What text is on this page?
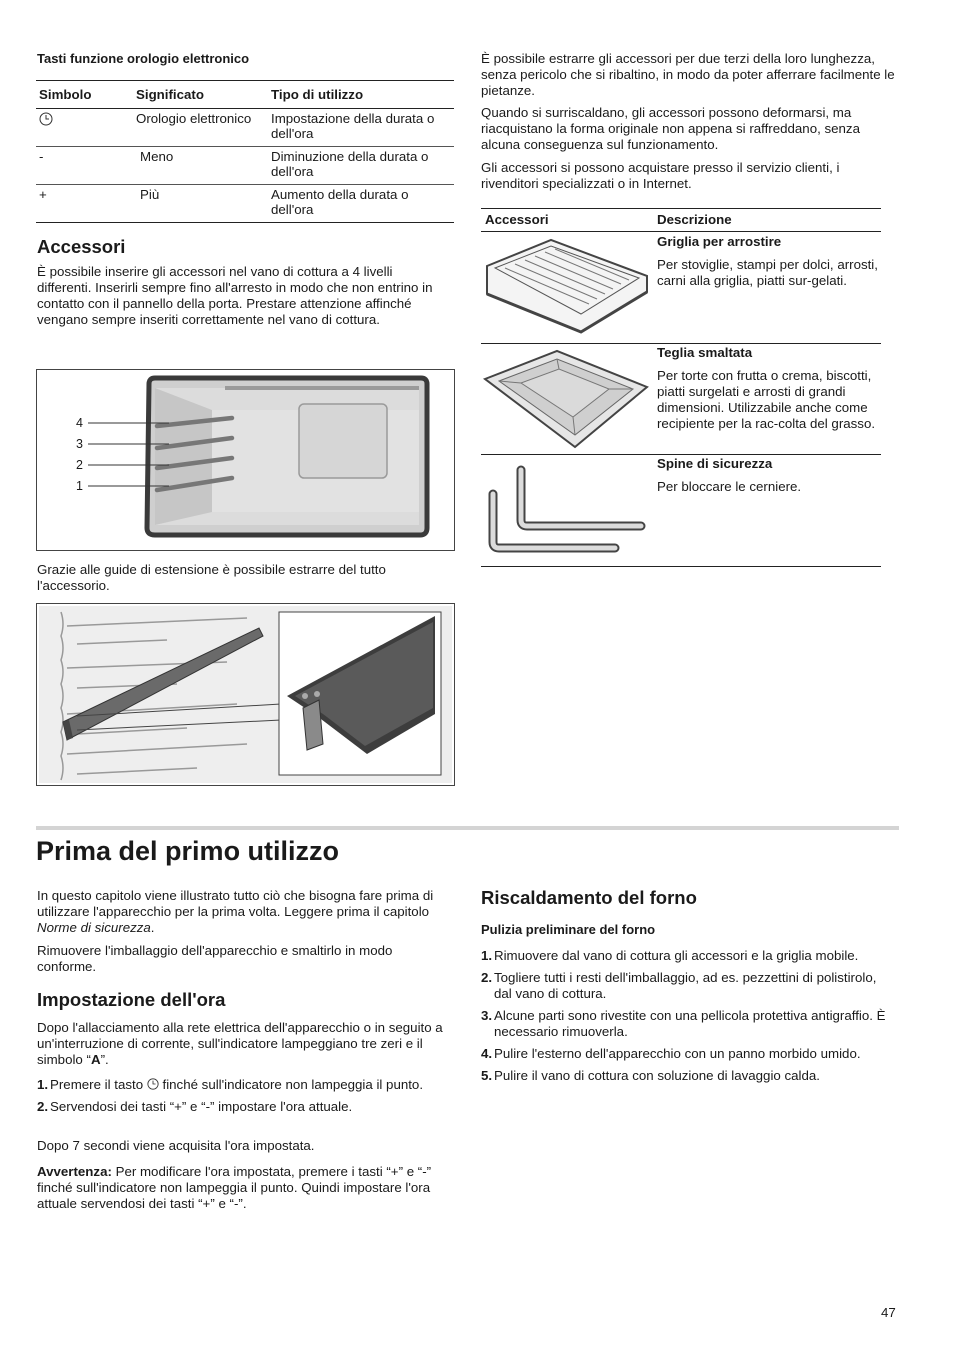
Tasti funzione orologio elettronico
Simbolo	Significato	Tipo di utilizzo
	Orologio elettronico	Impostazione della durata o dell'ora
-	Meno	Diminuzione della durata o dell'ora
+	Più	Aumento della durata o dell'ora
Accessori

È possibile inserire gli accessori nel vano di cottura a 4 livelli differenti. Inserirli sempre fino all'arresto in modo che non entrino in contatto con il pannello della porta. Prestare attenzione affinché vengano sempre inseriti correttamente nel vano di cottura.

4
3
2
1

Grazie alle guide di estensione è possibile estrarre del tutto l'accessorio.

È possibile estrarre gli accessori per due terzi della loro lunghezza, senza pericolo che si ribaltino, in modo da poter afferrare facilmente le pietanze.

Quando si surriscaldano, gli accessori possono deformarsi, ma riacquistano la forma originale non appena si raffreddano, senza alcuna conseguenza sul funzionamento.

Gli accessori si possono acquistare presso il servizio clienti, i rivenditori specializzati o in Internet.

Accessori	Descrizione
Griglia per arrostire
Per stoviglie, stampi per dolci, arrosti, carni alla griglia, piatti sur-gelati.
Teglia smaltata
Per torte con frutta o crema, biscotti, piatti surgelati e arrosti di grandi dimensioni. Utilizzabile anche come recipiente per la rac-colta del grasso.
Spine di sicurezza
Per bloccare le cerniere.
Prima del primo utilizzo

In questo capitolo viene illustrato tutto ciò che bisogna fare prima di utilizzare l'apparecchio per la prima volta. Leggere prima il capitolo Norme di sicurezza.

Rimuovere l'imballaggio dell'apparecchio e smaltirlo in modo conforme.

Impostazione dell'ora

Dopo l'allacciamento alla rete elettrica dell'apparecchio o in seguito a un'interruzione di corrente, sull'indicatore lampeggiano tre zeri e il simbolo “A”.

1. Premere il tasto  finché sull'indicatore non lampeggia il punto.
2. Servendosi dei tasti “+” e “-” impostare l'ora attuale.

Dopo 7 secondi viene acquisita l'ora impostata.

Avvertenza: Per modificare l'ora impostata, premere i tasti “+” e “-” finché sull'indicatore non lampeggia il punto. Quindi impostare l'ora attuale servendosi dei tasti “+” e “-”.

Riscaldamento del forno
Pulizia preliminare del forno
1. Rimuovere dal vano di cottura gli accessori e la griglia mobile.
2. Togliere tutti i resti dell'imballaggio, ad es. pezzettini di polistirolo, dal vano di cottura.
3. Alcune parti sono rivestite con una pellicola protettiva antigraffio. È necessario rimuoverla.
4. Pulire l'esterno dell'apparecchio con un panno morbido umido.
5. Pulire il vano di cottura con soluzione di lavaggio calda.
47
